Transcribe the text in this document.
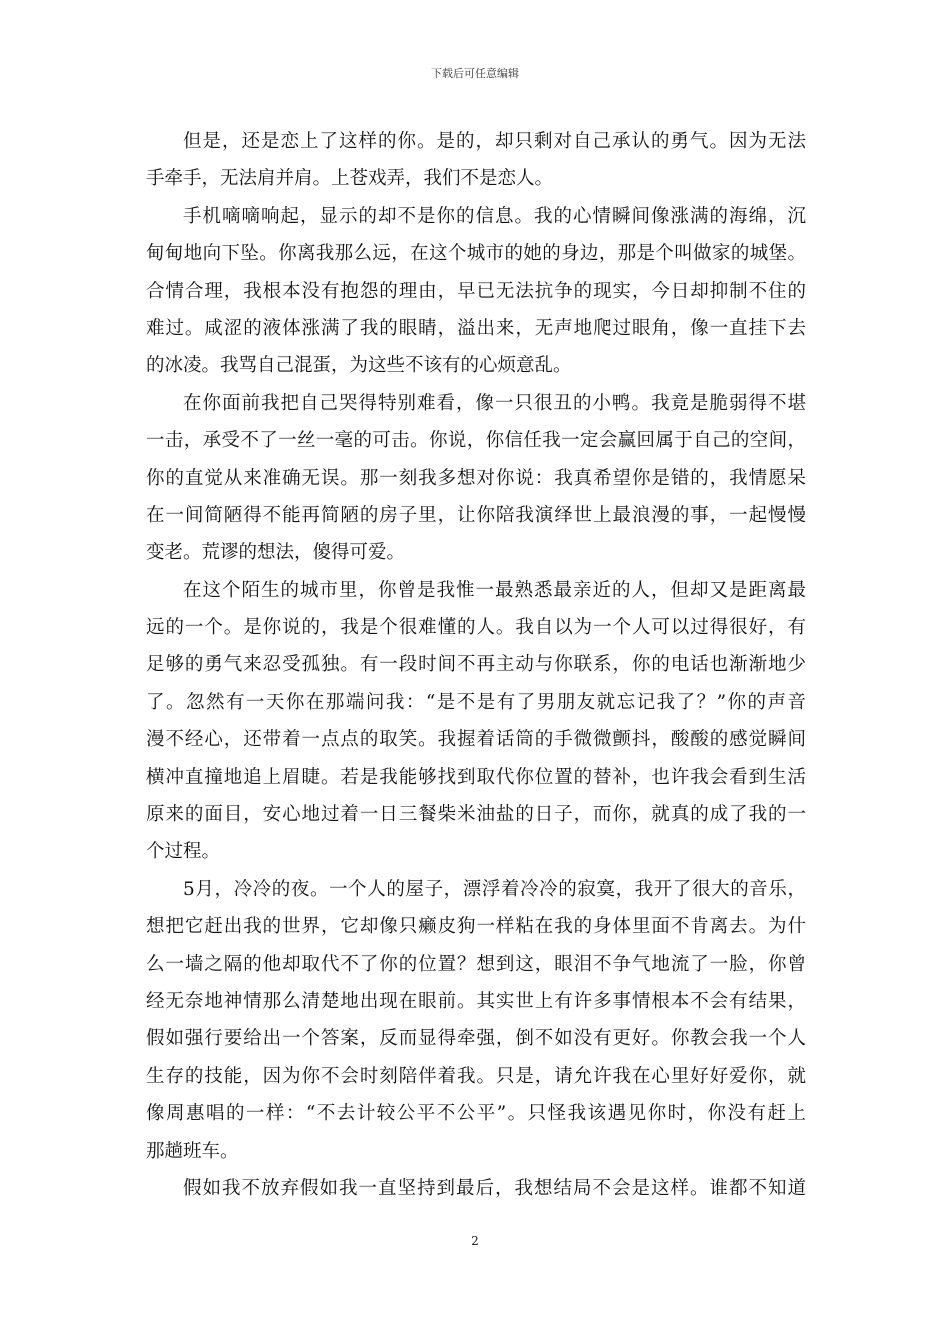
下载后可任意编辑
但是，还是恋上了这样的你。是的，却只剩对自己承认的勇气。因为无法
手牵手，无法肩并肩。上苍戏弄，我们不是恋人。
手机嘀嘀响起，显示的却不是你的信息。我的心情瞬间像涨满的海绵，沉
甸甸地向下坠。你离我那么远，在这个城市的她的身边，那是个叫做家的城堡。
合情合理，我根本没有抱怨的理由，早已无法抗争的现实，今日却抑制不住的
难过。咸涩的液体涨满了我的眼睛，溢出来，无声地爬过眼角，像一直挂下去
的冰凌。我骂自己混蛋，为这些不该有的心烦意乱。
在你面前我把自己哭得特别难看，像一只很丑的小鸭。我竟是脆弱得不堪
一击，承受不了一丝一毫的可击。你说，你信任我一定会赢回属于自己的空间，
你的直觉从来准确无误。那一刻我多想对你说：我真希望你是错的，我情愿呆
在一间简陋得不能再简陋的房子里，让你陪我演绎世上最浪漫的事，一起慢慢
变老。荒谬的想法，傻得可爱。
在这个陌生的城市里，你曾是我惟一最熟悉最亲近的人，但却又是距离最
远的一个。是你说的，我是个很难懂的人。我自以为一个人可以过得很好，有
足够的勇气来忍受孤独。有一段时间不再主动与你联系，你的电话也渐渐地少
了。忽然有一天你在那端问我：“是不是有了男朋友就忘记我了？”你的声音
漫不经心，还带着一点点的取笑。我握着话筒的手微微颤抖，酸酸的感觉瞬间
横冲直撞地追上眉睫。若是我能够找到取代你位置的替补，也许我会看到生活
原来的面目，安心地过着一日三餐柴米油盐的日子，而你，就真的成了我的一
个过程。
5月，冷冷的夜。一个人的屋子，漂浮着冷冷的寂寞，我开了很大的音乐，
想把它赶出我的世界，它却像只癞皮狗一样粘在我的身体里面不肯离去。为什
么一墙之隔的他却取代不了你的位置？想到这，眼泪不争气地流了一脸，你曾
经无奈地神情那么清楚地出现在眼前。其实世上有许多事情根本不会有结果，
假如强行要给出一个答案，反而显得牵强，倒不如没有更好。你教会我一个人
生存的技能，因为你不会时刻陪伴着我。只是，请允许我在心里好好爱你，就
像周惠唱的一样：“不去计较公平不公平”。只怪我该遇见你时，你没有赶上
那趟班车。
假如我不放弃假如我一直坚持到最后，我想结局不会是这样。谁都不知道
2
